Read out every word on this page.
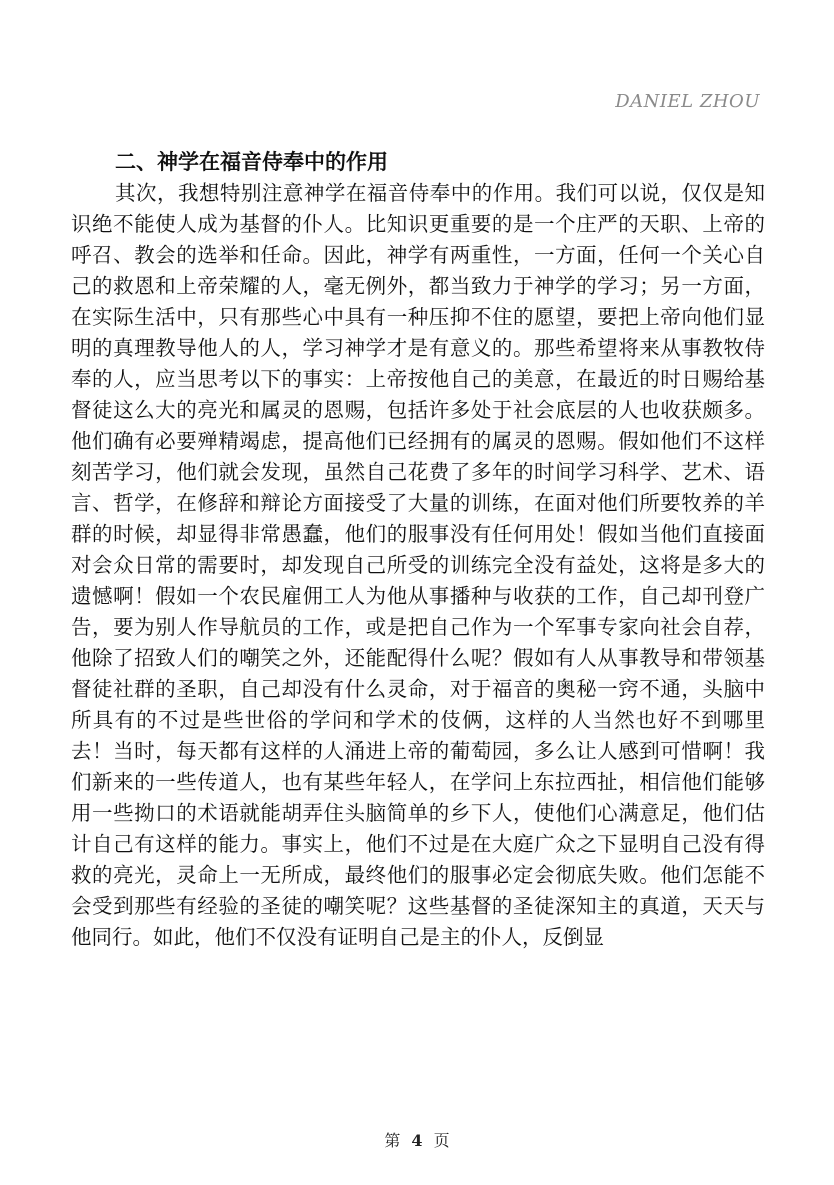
DANIEL ZHOU
二、神学在福音侍奉中的作用

其次，我想特别注意神学在福音侍奉中的作用。我们可以说，仅仅是知识绝不能使人成为基督的仆人。比知识更重要的是一个庄严的天职、上帝的呼召、教会的选举和任命。因此，神学有两重性，一方面，任何一个关心自己的救恩和上帝荣耀的人，毫无例外，都当致力于神学的学习；另一方面，在实际生活中，只有那些心中具有一种压抑不住的愿望，要把上帝向他们显明的真理教导他人的人，学习神学才是有意义的。那些希望将来从事教牧侍奉的人，应当思考以下的事实：上帝按他自己的美意，在最近的时日赐给基督徒这么大的亮光和属灵的恩赐，包括许多处于社会底层的人也收获颇多。他们确有必要殚精竭虑，提高他们已经拥有的属灵的恩赐。假如他们不这样刻苦学习，他们就会发现，虽然自己花费了多年的时间学习科学、艺术、语言、哲学，在修辞和辩论方面接受了大量的训练，在面对他们所要牧养的羊群的时候，却显得非常愚蠢，他们的服事没有任何用处！假如当他们直接面对会众日常的需要时，却发现自己所受的训练完全没有益处，这将是多大的遗憾啊！假如一个农民雇佣工人为他从事播种与收获的工作，自己却刊登广告，要为别人作导航员的工作，或是把自己作为一个军事专家向社会自荐，他除了招致人们的嘲笑之外，还能配得什么呢？假如有人从事教导和带领基督徒社群的圣职，自己却没有什么灵命，对于福音的奥秘一窍不通，头脑中所具有的不过是些世俗的学问和学术的伎俩，这样的人当然也好不到哪里去！当时，每天都有这样的人涌进上帝的葡萄园，多么让人感到可惜啊！我们新来的一些传道人，也有某些年轻人，在学问上东拉西扯，相信他们能够用一些拗口的术语就能胡弄住头脑简单的乡下人，使他们心满意足，他们估计自己有这样的能力。事实上，他们不过是在大庭广众之下显明自己没有得救的亮光，灵命上一无所成，最终他们的服事必定会彻底失败。他们怎能不会受到那些有经验的圣徒的嘲笑呢？这些基督的圣徒深知主的真道，天天与他同行。如此，他们不仅没有证明自己是主的仆人，反倒显

第 4 页
